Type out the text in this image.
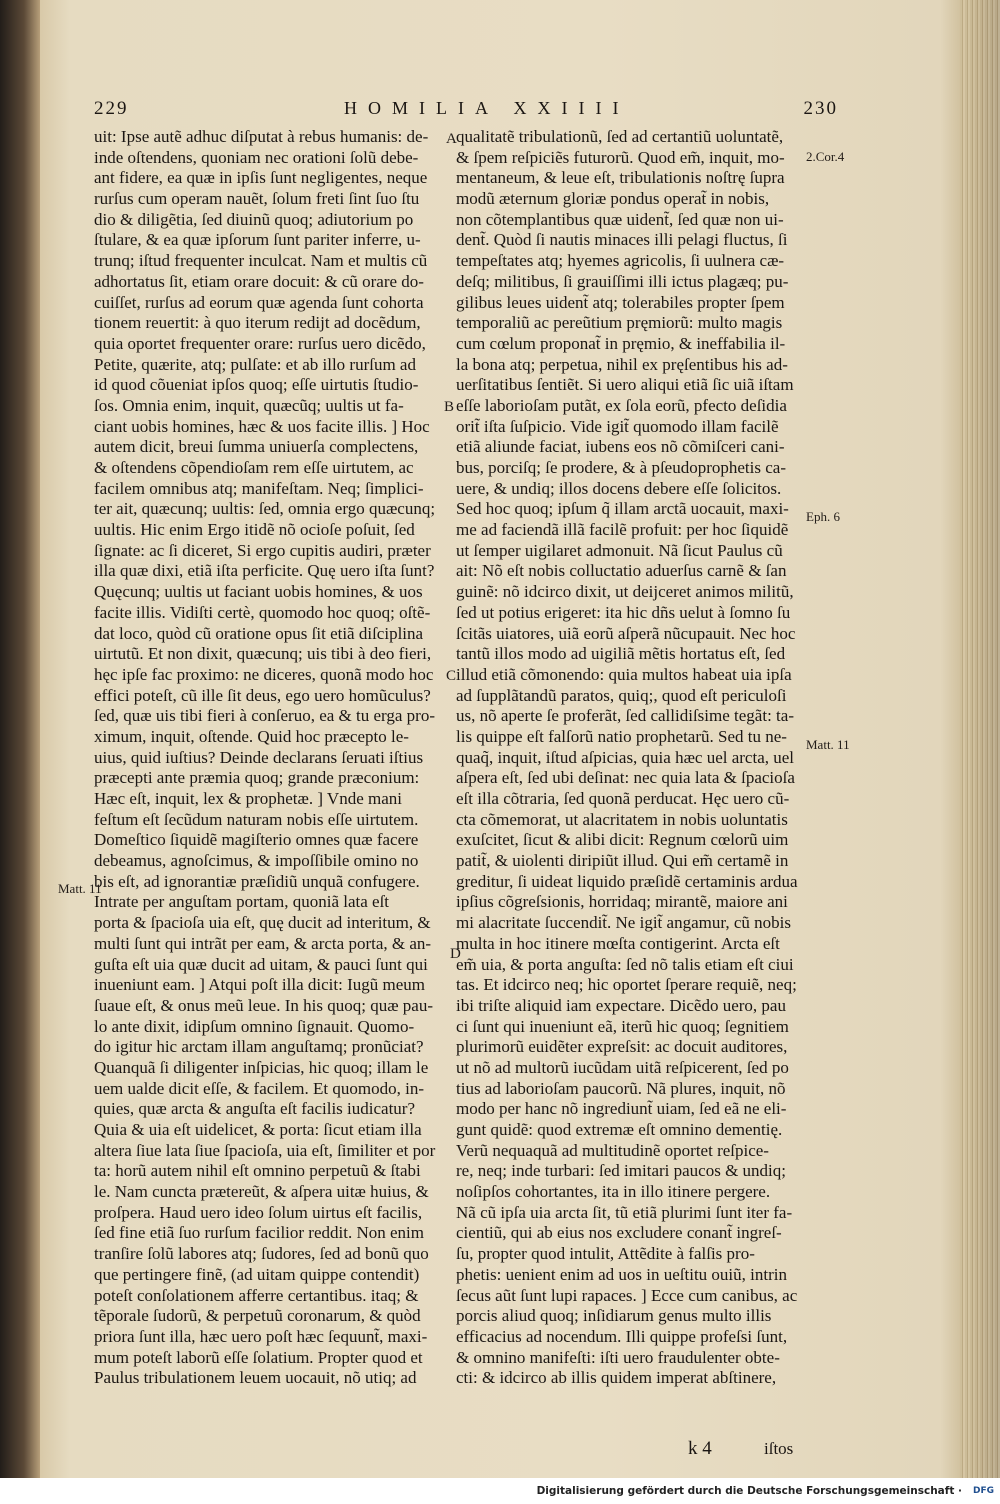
229	HOMILIA XXIIII	230
uit: Ipse autẽ adhuc diſputat à rebus humanis: de-
inde oſtendens, quoniam nec orationi ſolũ debe-
ant fidere, ea quæ in ipſis ſunt negligentes, neque
rurſus cum operam nauẽt, ſolum freti ſint ſuo ſtu
dio & diligẽtia, ſed diuinũ quoq; adiutorium po
ſtulare, & ea quæ ipſorum ſunt pariter inferre, u-
trunq; iſtud frequenter inculcat. Nam et multis cũ
adhortatus ſit, etiam orare docuit: & cũ orare do-
cuiſſet, rurſus ad eorum quæ agenda ſunt cohorta
tionem reuertit: à quo iterum redijt ad docẽdum,
quia oportet frequenter orare: rurſus uero dicẽdo,
Petite, quærite, atq; pulſate: et ab illo rurſum ad
id quod cõueniat ipſos quoq; eſſe uirtutis ſtudio-
ſos. Omnia enim, inquit, quæcũq; uultis ut fa-
ciant uobis homines, hæc & uos facite illis. ] Hoc
autem dicit, breui ſumma uniuerſa complectens,
& oſtendens cõpendioſam rem eſſe uirtutem, ac
facilem omnibus atq; manifeſtam. Neq; ſimplici-
ter ait, quæcunq; uultis: ſed, omnia ergo quæcunq;
uultis. Hic enim Ergo itidẽ nõ ocioſe poſuit, ſed
ſignate: ac ſi diceret, Si ergo cupitis audiri, præter
illa quæ dixi, etiã iſta perficite. Quę uero iſta ſunt?
Quęcunq; uultis ut faciant uobis homines, & uos
facite illis. Vidiſti certè, quomodo hoc quoq; oſtẽ-
dat loco, quòd cũ oratione opus ſit etiã diſciplina
uirtutũ. Et non dixit, quæcunq; uis tibi à deo fieri,
hęc ipſe fac proximo: ne diceres, quonã modo hoc
effici poteſt, cũ ille ſit deus, ego uero homũculus?
ſed, quæ uis tibi fieri à conſeruo, ea & tu erga pro-
ximum, inquit, oſtende. Quid hoc præcepto le-
uius, quid iuſtius? Deinde declarans ſeruati iſtius
præcepti ante præmia quoq; grande præconium:
Hæc eſt, inquit, lex & prophetæ. ] Vnde mani
feſtum eſt ſecũdum naturam nobis eſſe uirtutem.
Domeſtico ſiquidẽ magiſterio omnes quæ facere
debeamus, agnoſcimus, & impoſſibile omino no
bis eſt, ad ignorantiæ præſidiũ unquã confugere.
Intrate per anguſtam portam, quoniã lata eſt
porta & ſpacioſa uia eſt, quę ducit ad interitum, &
multi ſunt qui intrãt per eam, & arcta porta, & an-
guſta eſt uia quæ ducit ad uitam, & pauci ſunt qui
inueniunt eam. ] Atqui poſt illa dicit: Iugũ meum
ſuaue eſt, & onus meũ leue. In his quoq; quæ pau-
lo ante dixit, idipſum omnino ſignauit. Quomo-
do igitur hic arctam illam anguſtamq; pronũciat?
Quanquã ſi diligenter inſpicias, hic quoq; illam le
uem ualde dicit eſſe, & facilem. Et quomodo, in-
quies, quæ arcta & anguſta eſt facilis iudicatur?
Quia & uia eſt uidelicet, & porta: ſicut etiam illa
altera ſiue lata ſiue ſpacioſa, uia eſt, ſimiliter et por
ta: horũ autem nihil eſt omnino perpetuũ & ſtabi
le. Nam cuncta prætereũt, & aſpera uitæ huius, &
proſpera. Haud uero ideo ſolum uirtus eſt facilis,
ſed fine etiã ſuo rurſum facilior reddit. Non enim
tranſire ſolũ labores atq; ſudores, ſed ad bonũ quo
que pertingere finẽ, (ad uitam quippe contendit)
poteſt conſolationem afferre certantibus. itaq; &
tẽporale ſudorũ, & perpetuũ coronarum, & quòd
priora ſunt illa, hæc uero poſt hæc ſequunt̃, maxi-
mum poteſt laborũ eſſe ſolatium. Propter quod et
Paulus tribulationem leuem uocauit, nõ utiq; ad
qualitatẽ tribulationũ, ſed ad certantiũ uoluntatẽ,
& ſpem reſpiciẽs futurorũ. Quod em̃, inquit, mo-
mentaneum, & leue eſt, tribulationis noſtrę ſupra
modũ æternum gloriæ pondus operat̃ in nobis,
non cõtemplantibus quæ uident̃, ſed quæ non ui-
dent̃. Quòd ſi nautis minaces illi pelagi fluctus, ſi
tempeſtates atq; hyemes agricolis, ſi uulnera cæ-
deſq; militibus, ſi grauiſſimi illi ictus plagæq; pu-
gilibus leues uident̃ atq; tolerabiles propter ſpem
temporaliũ ac pereũtium pręmiorũ: multo magis
cum cœlum proponat̃ in pręmio, & ineffabilia il-
la bona atq; perpetua, nihil ex pręſentibus his ad-
uerſitatibus ſentiẽt. Si uero aliqui etiã ſic uiã iſtam
eſſe laborioſam putãt, ex ſola eorũ, pfecto deſidia
orit̃ iſta ſuſpicio. Vide igit̃ quomodo illam facilẽ
etiã aliunde faciat, iubens eos nõ cõmiſceri cani-
bus, porciſq; ſe prodere, & à pſeudoprophetis ca-
uere, & undiq; illos docens debere eſſe ſolicitos.
Sed hoc quoq; ipſum q̃ illam arctã uocauit, maxi-
me ad faciendã illã facilẽ profuit: per hoc ſiquidẽ
ut ſemper uigilaret admonuit. Nã ſicut Paulus cũ
ait: Nõ eſt nobis colluctatio aduerſus carnẽ & ſan
guinẽ: nõ idcirco dixit, ut deijceret animos militũ,
ſed ut potius erigeret: ita hic dñs uelut à ſomno ſu
ſcitãs uiatores, uiã eorũ aſperã nũcupauit. Nec hoc
tantũ illos modo ad uigiliã mẽtis hortatus eſt, ſed
illud etiã cõmonendo: quia multos habeat uia ipſa
ad ſupplãtandũ paratos, quiq;, quod eſt periculoſi
us, nõ aperte ſe proferãt, ſed callidiſsime tegãt: ta-
lis quippe eſt falſorũ natio prophetarũ. Sed tu ne-
quaq̃, inquit, iſtud aſpicias, quia hæc uel arcta, uel
aſpera eſt, ſed ubi deſinat: nec quia lata & ſpacioſa
eſt illa cõtraria, ſed quonã perducat. Hęc uero cũ-
cta cõmemorat, ut alacritatem in nobis uoluntatis
exuſcitet, ſicut & alibi dicit: Regnum cœlorũ uim
patit̃, & uiolenti diripiũt illud. Qui em̃ certamẽ in
greditur, ſi uideat liquido præſidẽ certaminis ardua
ipſius cõgreſsionis, horridaq; mirantẽ, maiore ani
mi alacritate ſuccendit̃. Ne igit̃ angamur, cũ nobis
multa in hoc itinere mœſta contigerint. Arcta eſt
em̃ uia, & porta anguſta: ſed nõ talis etiam eſt ciui
tas. Et idcirco neq; hic oportet ſperare requiẽ, neq;
ibi triſte aliquid iam expectare. Dicẽdo uero, pau
ci ſunt qui inueniunt eã, iterũ hic quoq; ſegnitiem
plurimorũ euidẽter expreſsit: ac docuit auditores,
ut nõ ad multorũ iucũdam uitã reſpicerent, ſed po
tius ad laborioſam paucorũ. Nã plures, inquit, nõ
modo per hanc nõ ingrediunt̃ uiam, ſed eã ne eli-
gunt quidẽ: quod extremæ eſt omnino dementię.
Verũ nequaquã ad multitudinẽ oportet reſpice-
re, neq; inde turbari: ſed imitari paucos & undiq;
noſipſos cohortantes, ita in illo itinere pergere.
Nã cũ ipſa uia arcta ſit, tũ etiã plurimi ſunt iter fa-
cientiũ, qui ab eius nos excludere conant̃ ingreſ-
ſu, propter quod intulit, Attẽdite à falſis pro-
phetis: uenient enim ad uos in ueſtitu ouiũ, intrin
ſecus aũt ſunt lupi rapaces. ] Ecce cum canibus, ac
porcis aliud quoq; inſidiarum genus multo illis
efficacius ad nocendum. Illi quippe profeſsi ſunt,
& omnino manifeſti: iſti uero fraudulenter obte-
cti: & idcirco ab illis quidem imperat abſtinere,
A
B
C
D
2.Cor.4
Eph. 6
Matt. 11
Matt. 11
k 4	iſtos
Digitalisierung gefördert durch die Deutsche Forschungsgemeinschaft ·	DFG
